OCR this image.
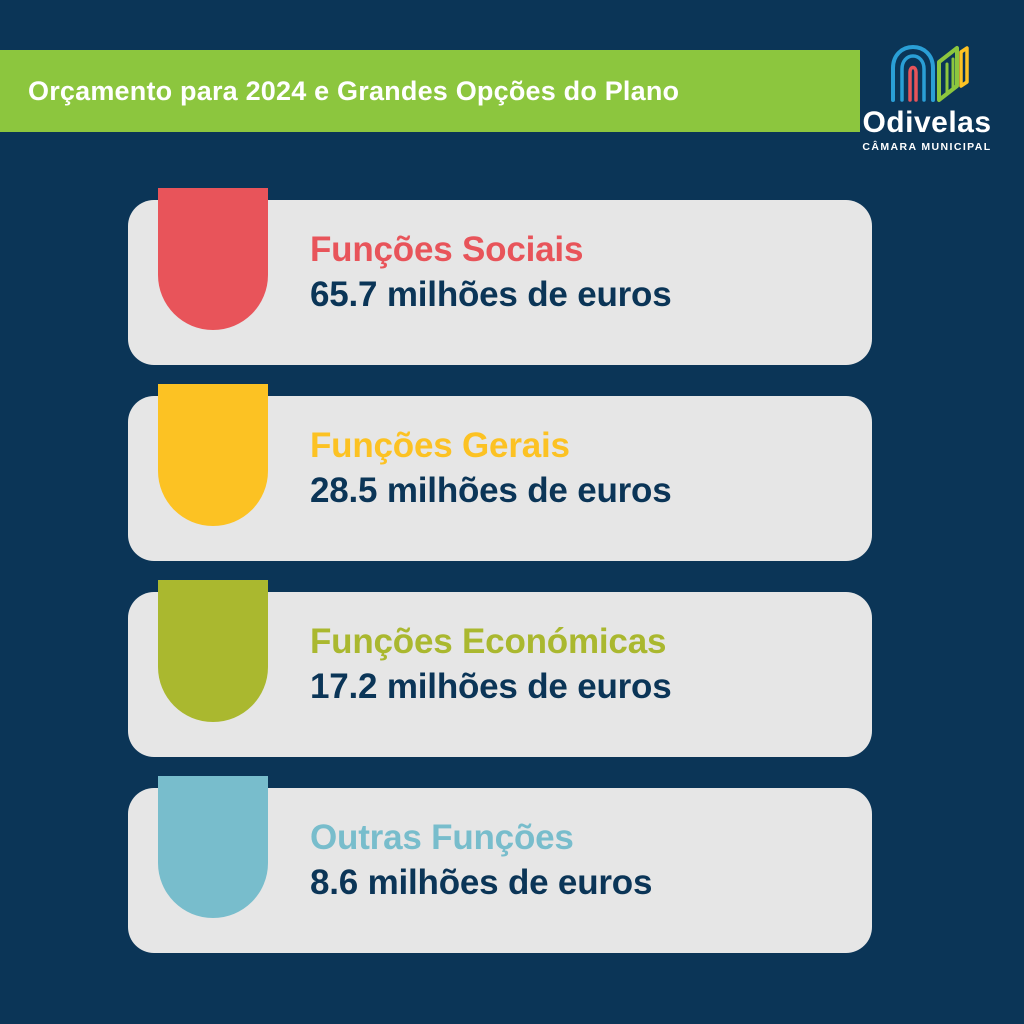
Orçamento para 2024 e Grandes Opções do Plano
Odivelas
CÂMARA MUNICIPAL
Funções Sociais
65.7 milhões de euros
Funções Gerais
28.5 milhões de euros
Funções Económicas
17.2 milhões de euros
Outras Funções
8.6 milhões de euros
